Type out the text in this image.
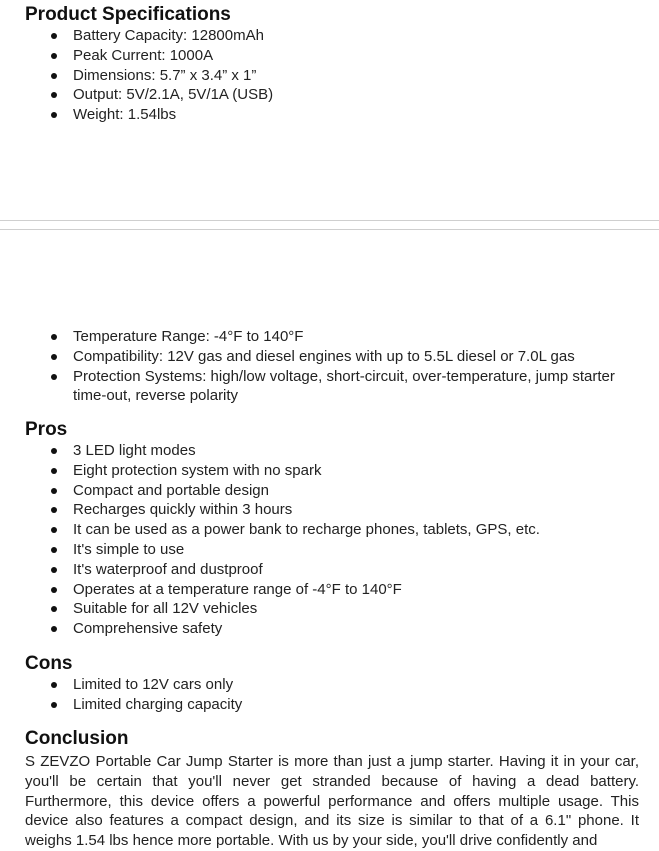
Product Specifications
Battery Capacity: 12800mAh
Peak Current: 1000A
Dimensions: 5.7” x 3.4” x 1”
Output: 5V/2.1A, 5V/1A (USB)
Weight: 1.54lbs
Temperature Range: -4°F to 140°F
Compatibility: 12V gas and diesel engines with up to 5.5L diesel or 7.0L gas
Protection Systems: high/low voltage, short-circuit, over-temperature, jump starter time-out, reverse polarity
Pros
3 LED light modes
Eight protection system with no spark
Compact and portable design
Recharges quickly within 3 hours
It can be used as a power bank to recharge phones, tablets, GPS, etc.
It's simple to use
It's waterproof and dustproof
Operates at a temperature range of -4°F to 140°F
Suitable for all 12V vehicles
Comprehensive safety
Cons
Limited to 12V cars only
Limited charging capacity
Conclusion

S ZEVZO Portable Car Jump Starter is more than just a jump starter. Having it in your car, you'll be certain that you'll never get stranded because of having a dead battery. Furthermore, this device offers a powerful performance and offers multiple usage. This device also features a compact design, and its size is similar to that of a 6.1" phone. It weighs 1.54 lbs hence more portable. With us by your side, you'll drive confidently and
